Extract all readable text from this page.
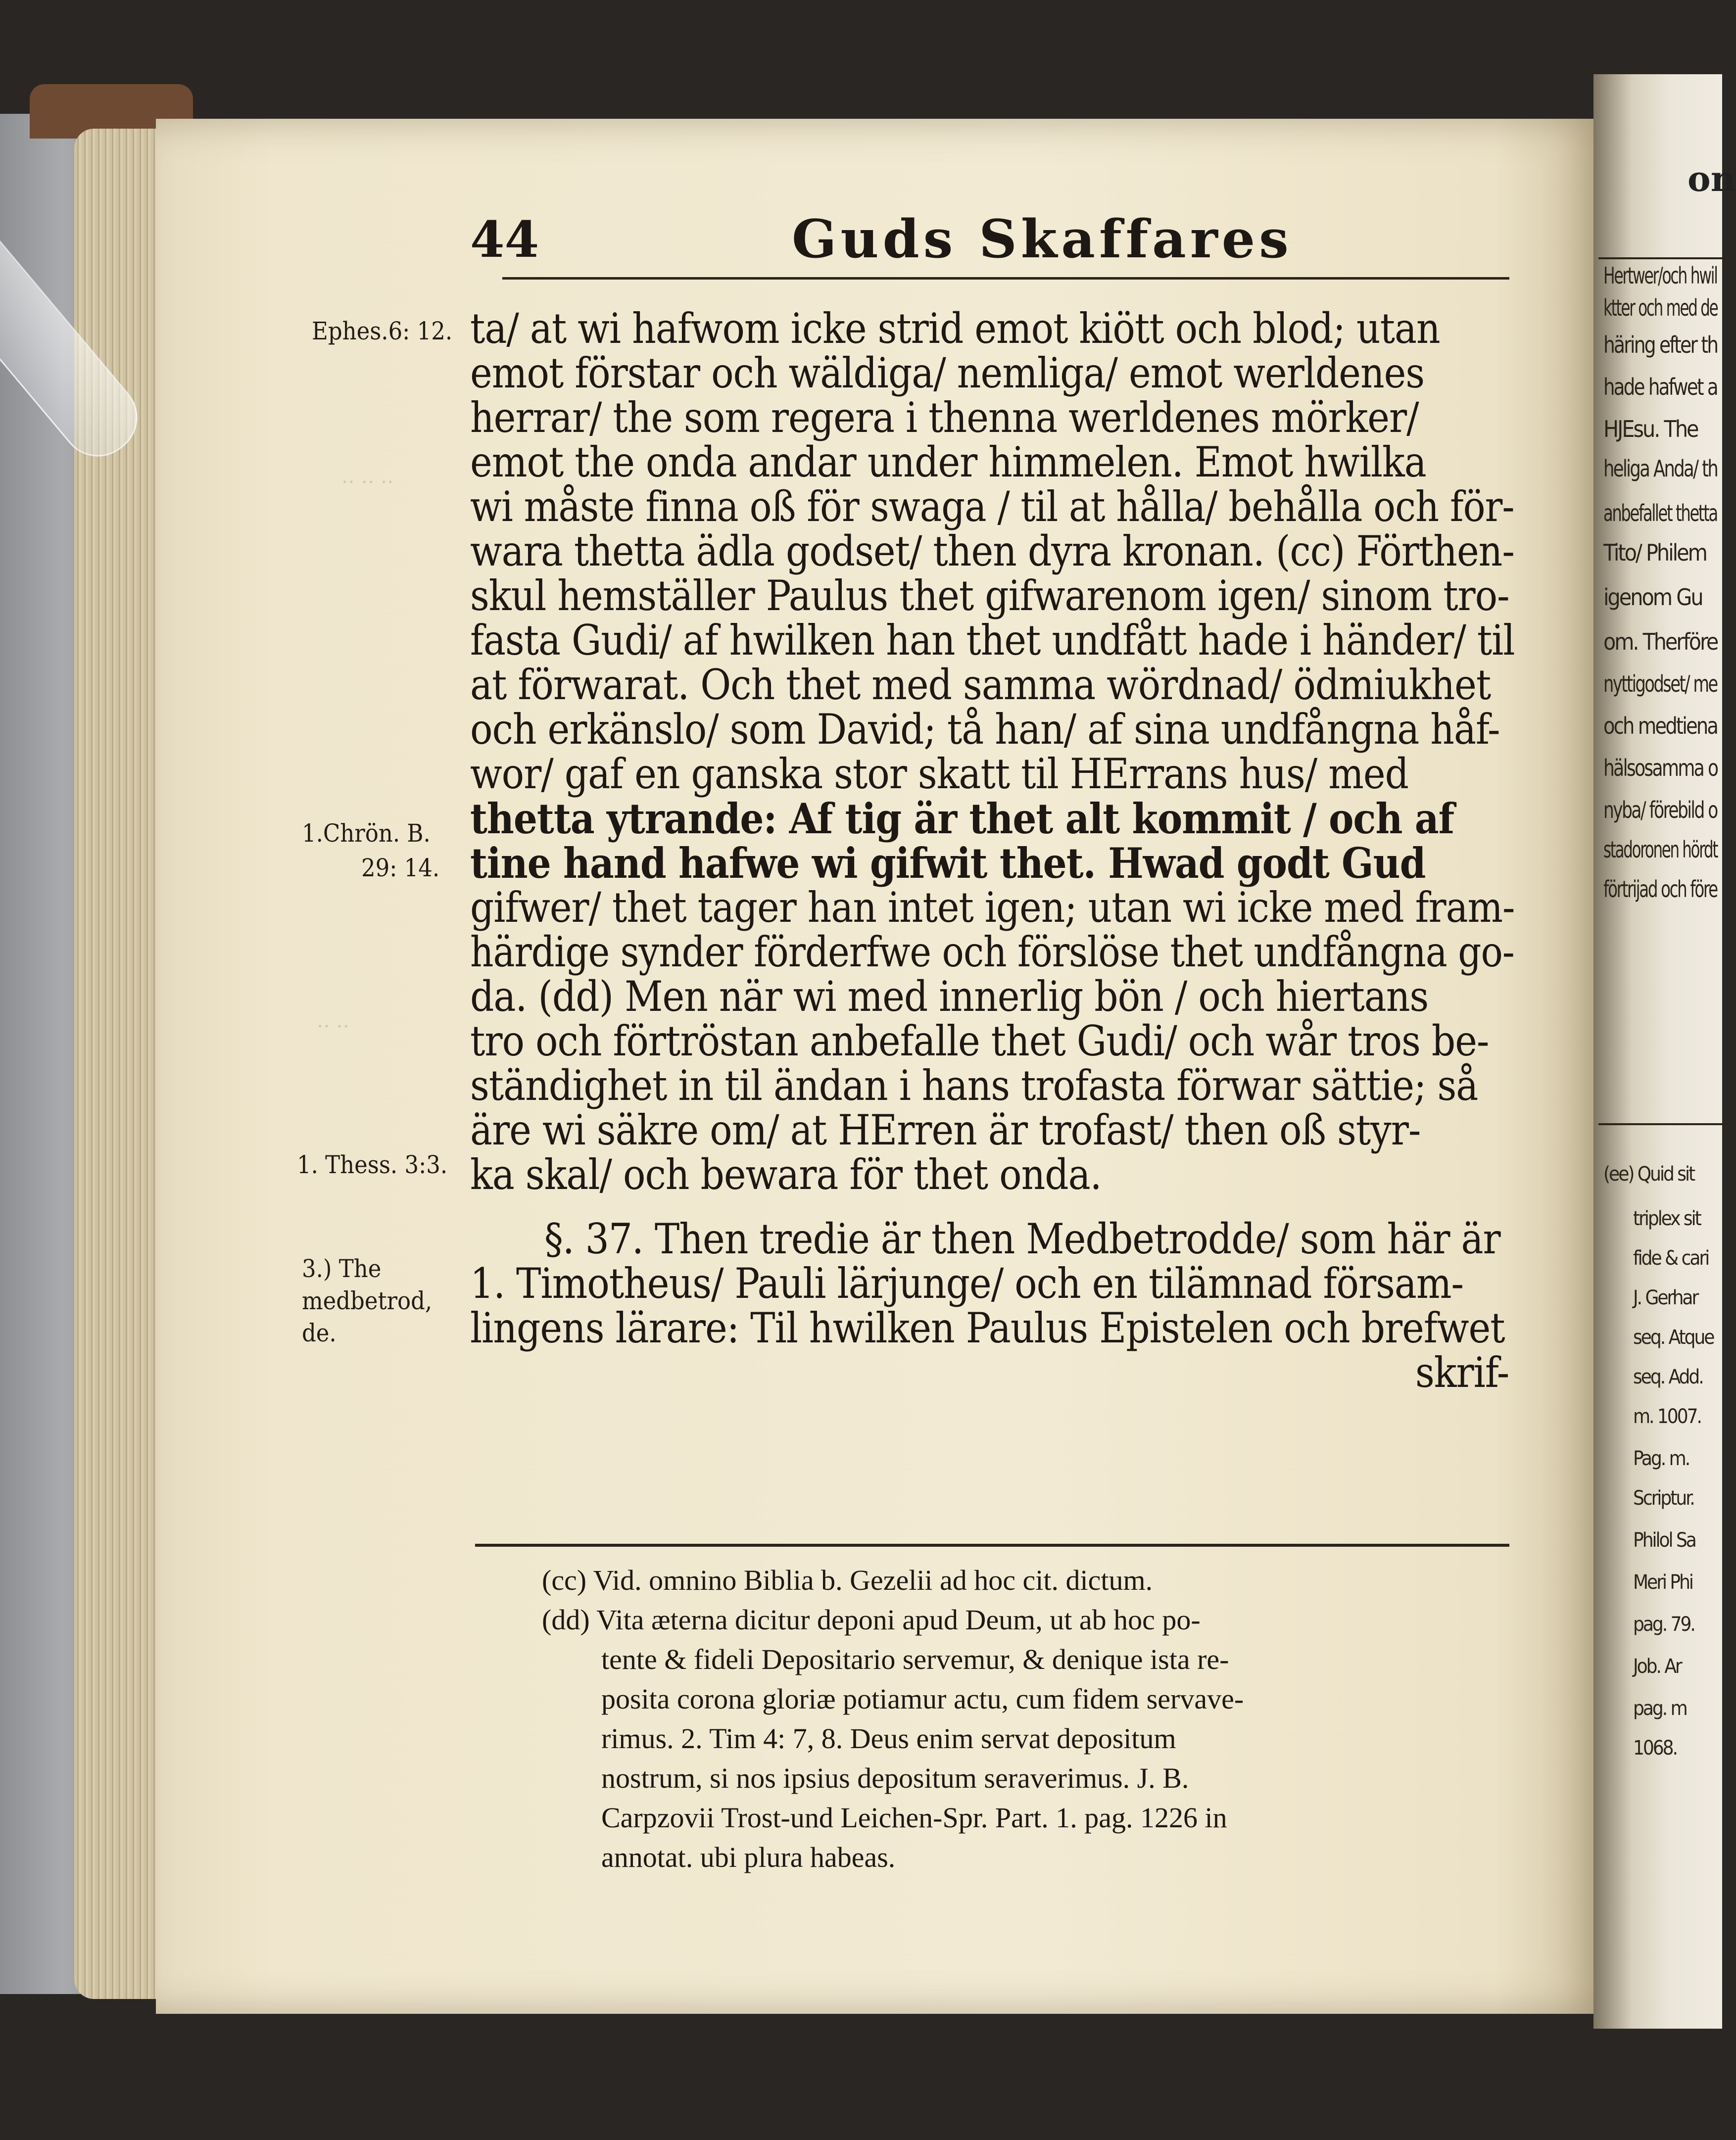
‥ ‥ ‥
‥ ‥
44	Guds Skaffares
Ephes.6: 12.
1.Chrön. B.
29: 14.
1. Thess. 3:3.
3.) The
medbetrod,
de.
ta/ at wi hafwom icke strid emot kiött och blod; utan
emot förstar och wäldiga/ nemliga/ emot werldenes
herrar/ the som regera i thenna werldenes mörker/
emot the onda andar under himmelen. Emot hwilka
wi måste finna oß för swaga / til at hålla/ behålla och för-
wara thetta ädla godset/ then dyra kronan. (cc) Förthen-
skul hemställer Paulus thet gifwarenom igen/ sinom tro-
fasta Gudi/ af hwilken han thet undfått hade i händer/ til
at förwarat. Och thet med samma wördnad/ ödmiukhet
och erkänslo/ som David; tå han/ af sina undfångna håf-
wor/ gaf en ganska stor skatt til HErrans hus/ med
thetta ytrande: Af tig är thet alt kommit / och af
tine hand hafwe wi gifwit thet. Hwad godt Gud
gifwer/ thet tager han intet igen; utan wi icke med fram-
härdige synder förderfwe och förslöse thet undfångna go-
da. (dd) Men när wi med innerlig bön / och hiertans
tro och förtröstan anbefalle thet Gudi/ och wår tros be-
ständighet in til ändan i hans trofasta förwar sättie; så
äre wi säkre om/ at HErren är trofast/ then oß styr-
ka skal/ och bewara för thet onda.
§. 37. Then tredie är then Medbetrodde/ som här är
1. Timotheus/ Pauli lärjunge/ och en tilämnad försam-
lingens lärare: Til hwilken Paulus Epistelen och brefwet
skrif-
(cc) Vid. omnino Biblia b. Gezelii ad hoc cit. dictum.
(dd) Vita æterna dicitur deponi apud Deum, ut ab hoc po-
tente & fideli Depositario servemur, & denique ista re-
posita corona gloriæ potiamur actu, cum fidem servave-
rimus. 2. Tim 4: 7, 8. Deus enim servat depositum
nostrum, si nos ipsius depositum seraverimus. J. B.
Carpzovii Trost-und Leichen-Spr. Part. 1. pag. 1226 in
annotat. ubi plura habeas.
on
Hertwer/och hwil
ktter och med de
häring efter th
hade hafwet a
HJEsu. The
heliga Anda/ th
anbefallet thetta
Tito/ Philem
igenom Gu
om. Therföre
nyttigodset/ me
och medtiena
hälsosamma o
nyba/ förebild o
stadoronen hördt
förtrijad och före
(ee) Quid sit
triplex sit
fide & cari
J. Gerhar
seq. Atque
seq. Add.
m. 1007.
Pag. m.
Scriptur.
Philol Sa
Meri Phi
pag. 79.
Job. Ar
pag. m
1068.
